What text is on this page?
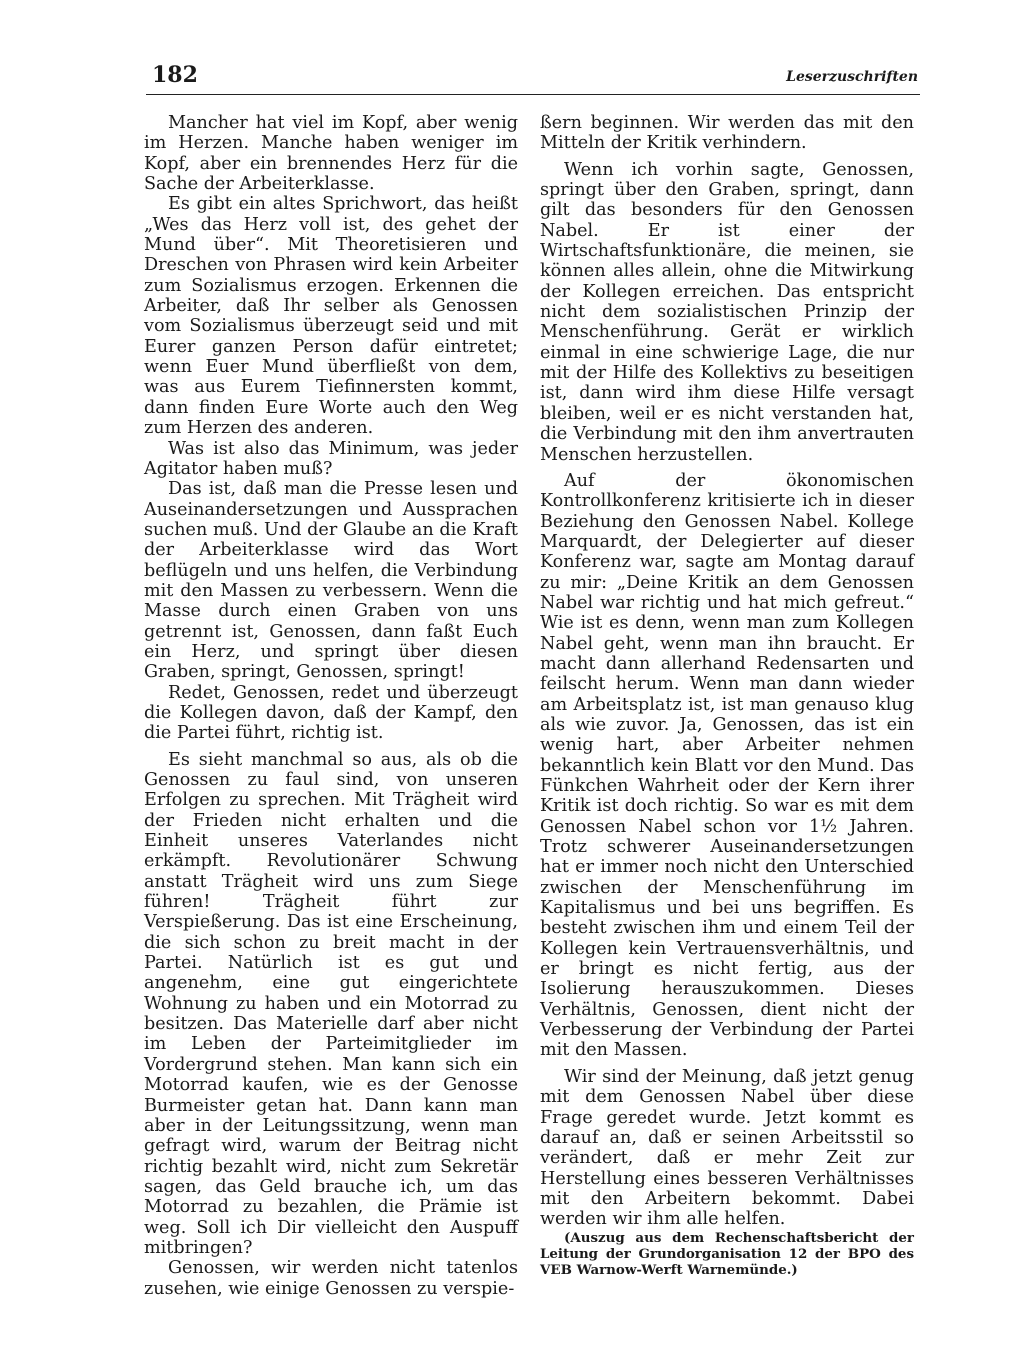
182	Leserzuschriften

Mancher hat viel im Kopf, aber wenig im Herzen. Manche haben weniger im Kopf, aber ein brennendes Herz für die Sache der Arbeiterklasse.

Es gibt ein altes Sprichwort, das heißt „Wes das Herz voll ist, des gehet der Mund über“. Mit Theoretisieren und Dreschen von Phrasen wird kein Arbeiter zum Sozialismus erzogen. Erkennen die Arbeiter, daß Ihr selber als Genossen vom Sozialismus überzeugt seid und mit Eurer ganzen Person dafür eintretet; wenn Euer Mund überfließt von dem, was aus Eurem Tiefinnersten kommt, dann finden Eure Worte auch den Weg zum Herzen des anderen.

Was ist also das Minimum, was jeder Agitator haben muß?

Das ist, daß man die Presse lesen und Auseinandersetzungen und Aussprachen suchen muß. Und der Glaube an die Kraft der Arbeiterklasse wird das Wort beflügeln und uns helfen, die Verbindung mit den Massen zu verbessern. Wenn die Masse durch einen Graben von uns getrennt ist, Genossen, dann faßt Euch ein Herz, und springt über diesen Graben, springt, Genossen, springt!

Redet, Genossen, redet und überzeugt die Kollegen davon, daß der Kampf, den die Partei führt, richtig ist.

Es sieht manchmal so aus, als ob die Genossen zu faul sind, von unseren Erfolgen zu sprechen. Mit Trägheit wird der Frieden nicht erhalten und die Einheit unseres Vaterlandes nicht erkämpft. Revolutionärer Schwung anstatt Trägheit wird uns zum Siege führen! Trägheit führt zur Verspießerung. Das ist eine Erscheinung, die sich schon zu breit macht in der Partei. Natürlich ist es gut und angenehm, eine gut eingerichtete Wohnung zu haben und ein Motorrad zu besitzen. Das Materielle darf aber nicht im Leben der Parteimitglieder im Vordergrund stehen. Man kann sich ein Motorrad kaufen, wie es der Genosse Burmeister getan hat. Dann kann man aber in der Leitungssitzung, wenn man gefragt wird, warum der Beitrag nicht richtig bezahlt wird, nicht zum Sekretär sagen, das Geld brauche ich, um das Motorrad zu bezahlen, die Prämie ist weg. Soll ich Dir vielleicht den Auspuff mitbringen?

Genossen, wir werden nicht tatenlos zusehen, wie einige Genossen zu verspie-

ßern beginnen. Wir werden das mit den Mitteln der Kritik verhindern.

Wenn ich vorhin sagte, Genossen, springt über den Graben, springt, dann gilt das besonders für den Genossen Nabel. Er ist einer der Wirtschaftsfunktionäre, die meinen, sie können alles allein, ohne die Mitwirkung der Kollegen erreichen. Das entspricht nicht dem sozialistischen Prinzip der Menschenführung. Gerät er wirklich einmal in eine schwierige Lage, die nur mit der Hilfe des Kollektivs zu beseitigen ist, dann wird ihm diese Hilfe versagt bleiben, weil er es nicht verstanden hat, die Verbindung mit den ihm anvertrauten Menschen herzustellen.

Auf der ökonomischen Kontrollkonferenz kritisierte ich in dieser Beziehung den Genossen Nabel. Kollege Marquardt, der Delegierter auf dieser Konferenz war, sagte am Montag darauf zu mir: „Deine Kritik an dem Genossen Nabel war richtig und hat mich gefreut.“ Wie ist es denn, wenn man zum Kollegen Nabel geht, wenn man ihn braucht. Er macht dann allerhand Redensarten und feilscht herum. Wenn man dann wieder am Arbeitsplatz ist, ist man genauso klug als wie zuvor. Ja, Genossen, das ist ein wenig hart, aber Arbeiter nehmen bekanntlich kein Blatt vor den Mund. Das Fünkchen Wahrheit oder der Kern ihrer Kritik ist doch richtig. So war es mit dem Genossen Nabel schon vor 1½ Jahren. Trotz schwerer Auseinandersetzungen hat er immer noch nicht den Unterschied zwischen der Menschenführung im Kapitalismus und bei uns begriffen. Es besteht zwischen ihm und einem Teil der Kollegen kein Vertrauensverhältnis, und er bringt es nicht fertig, aus der Isolierung herauszukommen. Dieses Verhältnis, Genossen, dient nicht der Verbesserung der Verbindung der Partei mit den Massen.

Wir sind der Meinung, daß jetzt genug mit dem Genossen Nabel über diese Frage geredet wurde. Jetzt kommt es darauf an, daß er seinen Arbeitsstil so verändert, daß er mehr Zeit zur Herstellung eines besseren Verhältnisses mit den Arbeitern bekommt. Dabei werden wir ihm alle helfen.

(Auszug aus dem Rechenschaftsbericht der Leitung der Grundorganisation 12 der BPO des VEB Warnow-Werft Warnemünde.)
